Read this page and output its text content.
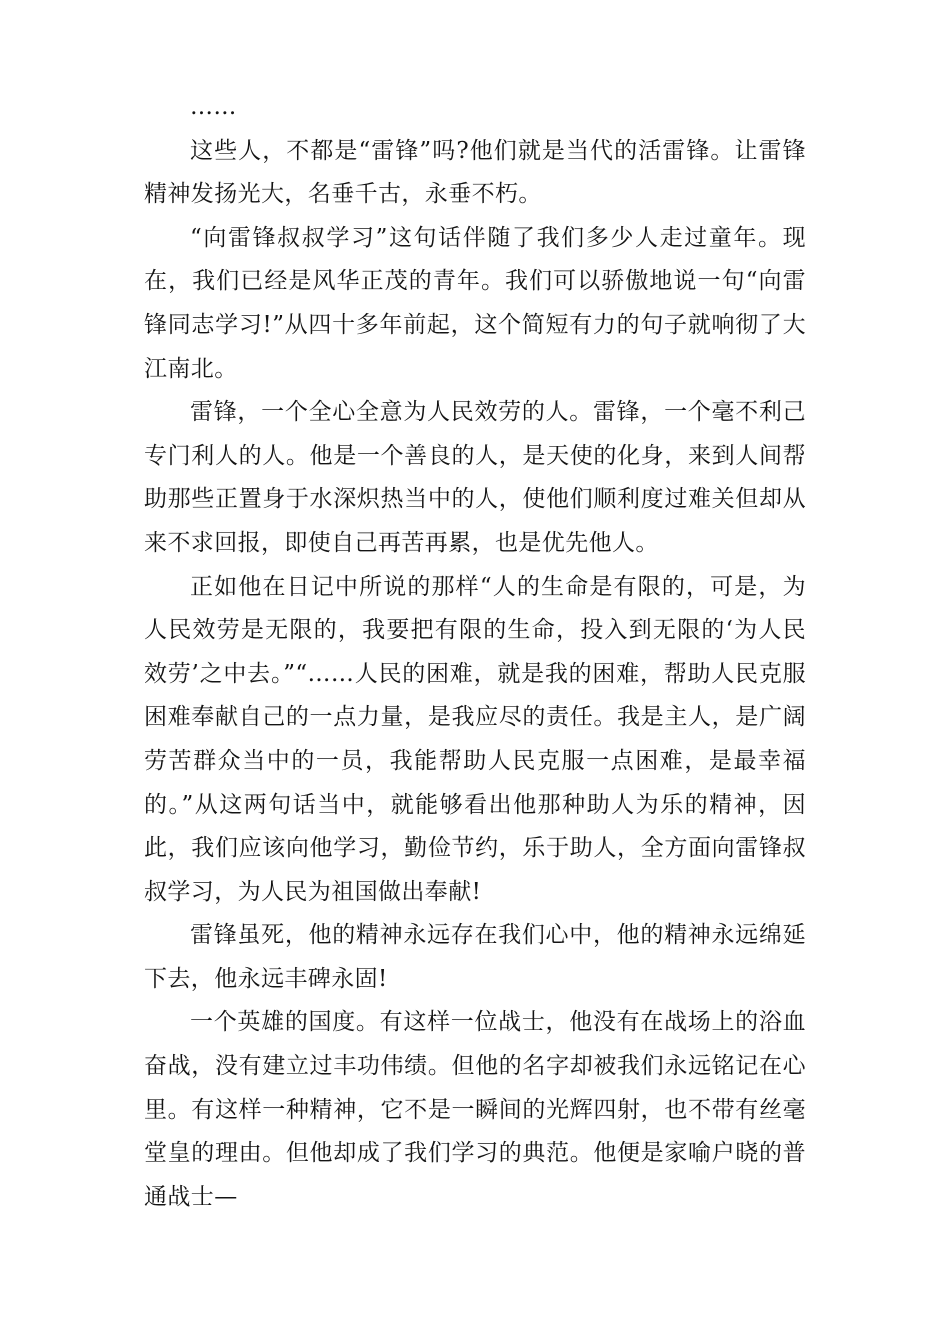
……

这些人，不都是“雷锋”吗?他们就是当代的活雷锋。让雷锋精神发扬光大，名垂千古，永垂不朽。

“向雷锋叔叔学习”这句话伴随了我们多少人走过童年。现在，我们已经是风华正茂的青年。我们可以骄傲地说一句“向雷锋同志学习!”从四十多年前起，这个简短有力的句子就响彻了大江南北。

雷锋，一个全心全意为人民效劳的人。雷锋，一个毫不利己专门利人的人。他是一个善良的人，是天使的化身，来到人间帮助那些正置身于水深炽热当中的人，使他们顺利度过难关但却从来不求回报，即使自己再苦再累，也是优先他人。

正如他在日记中所说的那样“人的生命是有限的，可是，为人民效劳是无限的，我要把有限的生命，投入到无限的‘为人民效劳’之中去。”“……人民的困难，就是我的困难，帮助人民克服困难奉献自己的一点力量，是我应尽的责任。我是主人，是广阔劳苦群众当中的一员，我能帮助人民克服一点困难，是最幸福的。”从这两句话当中，就能够看出他那种助人为乐的精神，因此，我们应该向他学习，勤俭节约，乐于助人，全方面向雷锋叔叔学习，为人民为祖国做出奉献!

雷锋虽死，他的精神永远存在我们心中，他的精神永远绵延下去，他永远丰碑永固!

一个英雄的国度。有这样一位战士，他没有在战场上的浴血奋战，没有建立过丰功伟绩。但他的名字却被我们永远铭记在心里。有这样一种精神，它不是一瞬间的光辉四射，也不带有丝毫堂皇的理由。但他却成了我们学习的典范。他便是家喻户晓的普通战士—
